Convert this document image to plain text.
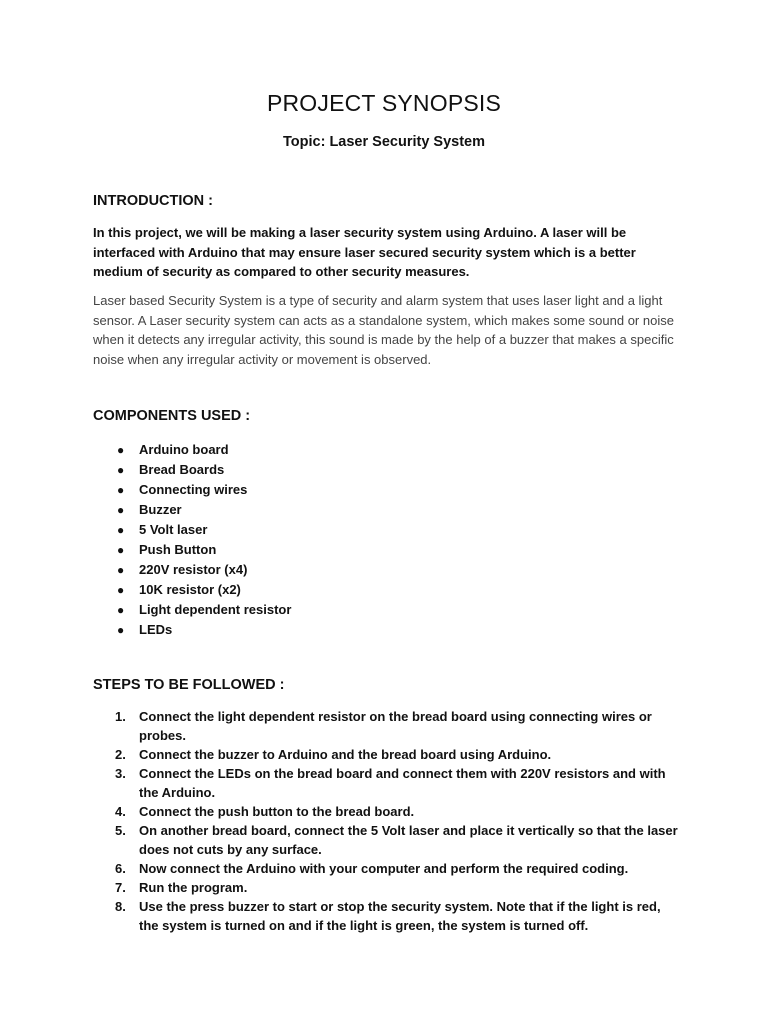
PROJECT SYNOPSIS

Topic: Laser Security System

INTRODUCTION :

In this project, we will be making a laser security system using Arduino. A laser will be interfaced with Arduino that may ensure laser secured security system which is a better medium of security as compared to other security measures.

Laser based Security System is a type of security and alarm system that uses laser light and a light sensor. A Laser security system can acts as a standalone system, which makes some sound or noise when it detects any irregular activity, this sound is made by the help of a buzzer that makes a specific noise when any irregular activity or movement is observed.

COMPONENTS USED :
● Arduino board
● Bread Boards
● Connecting wires
● Buzzer
● 5 Volt laser
● Push Button
● 220V resistor (x4)
● 10K resistor (x2)
● Light dependent resistor
● LEDs
STEPS TO BE FOLLOWED :
1. Connect the light dependent resistor on the bread board using connecting wires or probes.
2. Connect the buzzer to Arduino and the bread board using Arduino.
3. Connect the LEDs on the bread board and connect them with 220V resistors and with the Arduino.
4. Connect the push button to the bread board.
5. On another bread board, connect the 5 Volt laser and place it vertically so that the laser does not cuts by any surface.
6. Now connect the Arduino with your computer and perform the required coding.
7. Run the program.
8. Use the press buzzer to start or stop the security system. Note that if the light is red, the system is turned on and if the light is green, the system is turned off.
